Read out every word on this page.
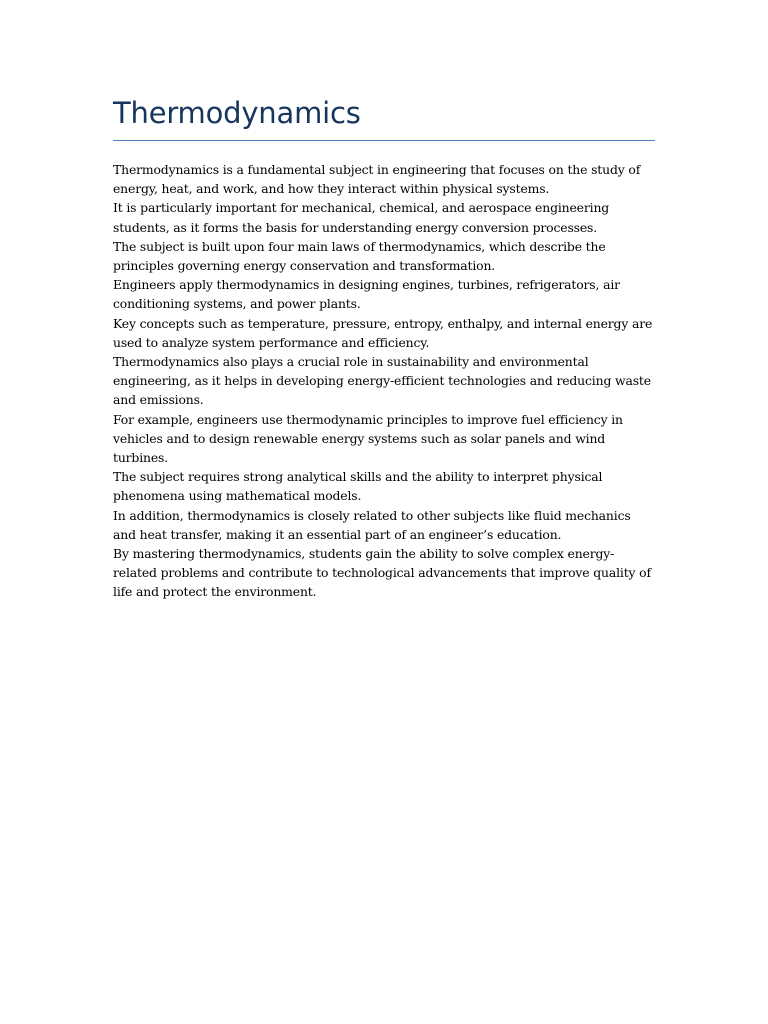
Thermodynamics

Thermodynamics is a fundamental subject in engineering that focuses on the study of energy, heat, and work, and how they interact within physical systems.

It is particularly important for mechanical, chemical, and aerospace engineering students, as it forms the basis for understanding energy conversion processes.

The subject is built upon four main laws of thermodynamics, which describe the principles governing energy conservation and transformation.

Engineers apply thermodynamics in designing engines, turbines, refrigerators, air conditioning systems, and power plants.

Key concepts such as temperature, pressure, entropy, enthalpy, and internal energy are used to analyze system performance and efficiency.

Thermodynamics also plays a crucial role in sustainability and environmental engineering, as it helps in developing energy-efficient technologies and reducing waste and emissions.

For example, engineers use thermodynamic principles to improve fuel efficiency in vehicles and to design renewable energy systems such as solar panels and wind turbines.

The subject requires strong analytical skills and the ability to interpret physical phenomena using mathematical models.

In addition, thermodynamics is closely related to other subjects like fluid mechanics and heat transfer, making it an essential part of an engineer’s education.

By mastering thermodynamics, students gain the ability to solve complex energy-related problems and contribute to technological advancements that improve quality of life and protect the environment.
